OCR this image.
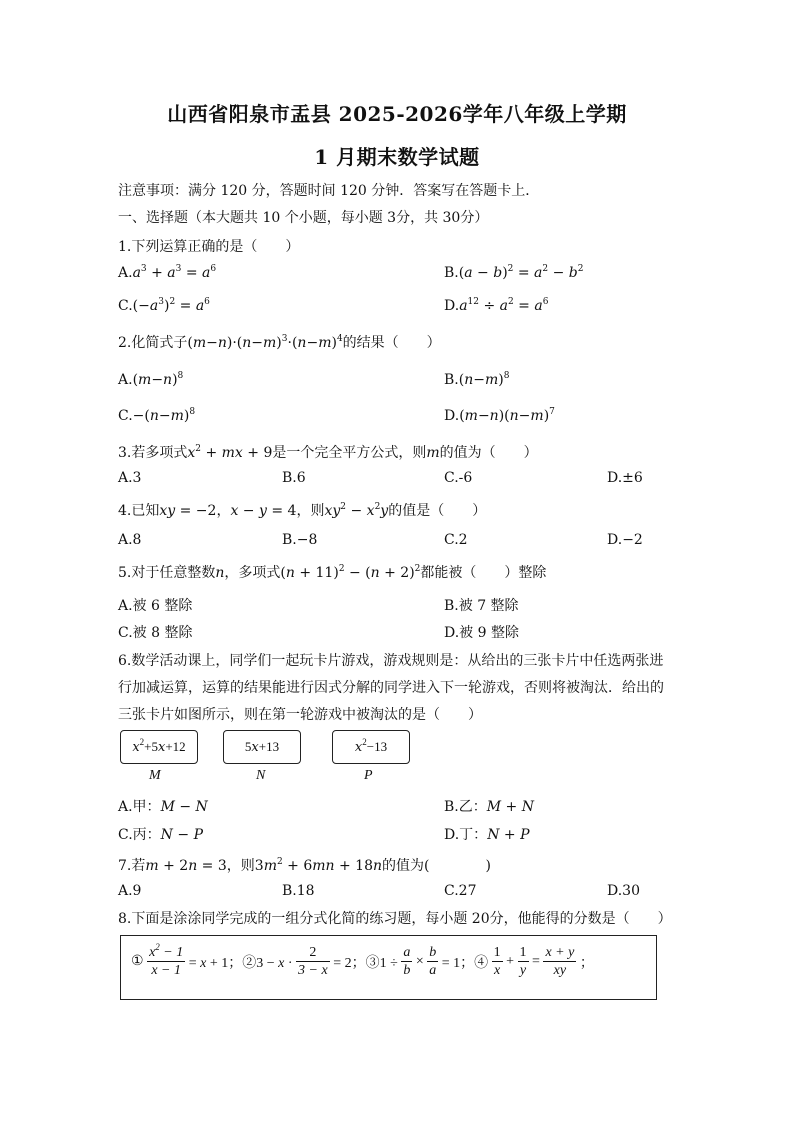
山西省阳泉市盂县 2025-2026学年八年级上学期
1 月期末数学试题
注意事项：满分 120 分，答题时间 120 分钟．答案写在答题卡上．
一、选择题（本大题共 10 个小题，每小题 3分，共 30分）
1.下列运算正确的是（　　）
$A.a^3 + a^3 = a^6$	$B.(a - b)^2 = a^2 - b^2$
$C.(-a^3)^2 = a^6$	$D.a^{12} \div a^2 = a^6$
2.化简式子$(m-n)\cdot(n-m)^3\cdot(n-m)^4$的结果（　　）
$A.(m-n)^8$	$B.(n-m)^8$
$C.-(n-m)^8$	$D.(m-n)(n-m)^7$
3.若多项式$x^2$ + mx + 9是一个完全平方公式，则m的值为（　　）
A.3	B.6	C.-6	D.±6
4.已知xy = −2，x − y = 4，则$xy^2 - x^2y$的值是（　　）
A.8	B.−8	C.2	D.−2
5.对于任意整数n，多项式$(n + 11)^2 - (n + 2)^2$都能被（　　）整除
A.被 6 整除	B.被 7 整除
C.被 8 整除	D.被 9 整除
6.数学活动课上，同学们一起玩卡片游戏，游戏规则是：从给出的三张卡片中任选两张进
行加减运算，运算的结果能进行因式分解的同学进入下一轮游戏，否则将被淘汰．给出的
三张卡片如图所示，则在第一轮游戏中被淘汰的是（　　）
$x^2+5x+12$	5x+13	$x^2-13$
M	N	P
A.甲：M − N	B.乙：M + N
C.丙：N − P	D.丁：N + P
7.若m + 2n = 3，则$3m^2 + 6mn + 18n$的值为(　　　　)
A.9	B.18	C.27	D.30
8.下面是涂涂同学完成的一组分式化简的练习题，每小题 20分，他能得的分数是（　　）
① $\frac{x^2 - 1}{x - 1} = x + 1$；②3 − $x \cdot \frac{2}{3 - x} = 2$；③1 ÷ $\frac{a}{b} \times \frac{b}{a} = 1$；④ $\frac{1}{x} + \frac{1}{y} = \frac{x + y}{xy}$ ；
